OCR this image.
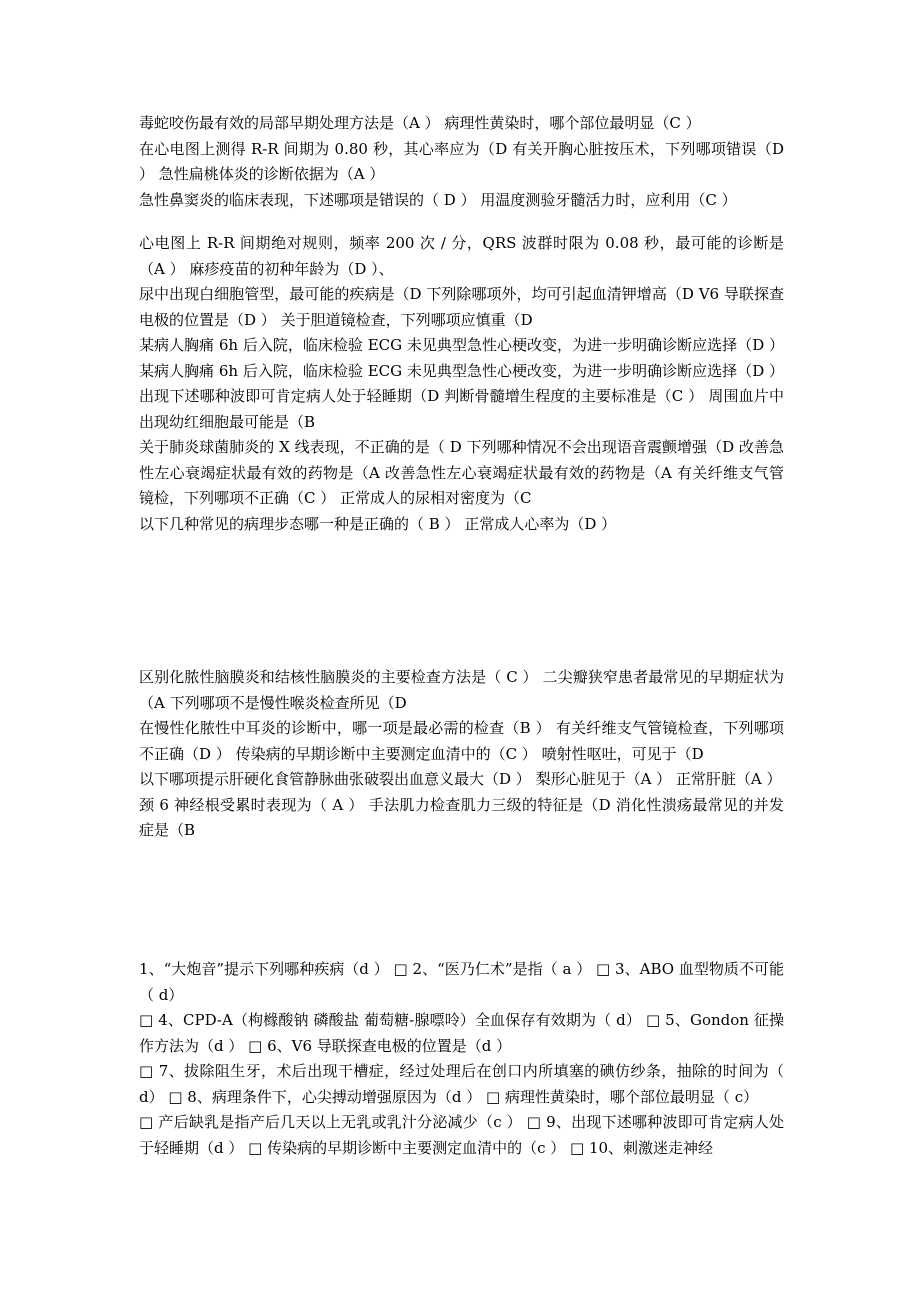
毒蛇咬伤最有效的局部早期处理方法是（A ） 病理性黄染时，哪个部位最明显（C ）

在心电图上测得 R-R 间期为 0.80 秒，其心率应为（D 有关开胸心脏按压术，下列哪项错误（D ） 急性扁桃体炎的诊断依据为（A ）

急性鼻窦炎的临床表现，下述哪项是错误的（ D ） 用温度测验牙髓活力时，应利用（C ）

心电图上 R-R 间期绝对规则，频率 200 次 / 分，QRS 波群时限为 0.08 秒，最可能的诊断是（A ） 麻疹疫苗的初种年龄为（D ）、

尿中出现白细胞管型，最可能的疾病是（D 下列除哪项外，均可引起血清钾增高（D V6 导联探查电极的位置是（D ） 关于胆道镜检查，下列哪项应慎重（D

某病人胸痛 6h 后入院，临床检验 ECG 未见典型急性心梗改变，为进一步明确诊断应选择（D ） 某病人胸痛 6h 后入院，临床检验 ECG 未见典型急性心梗改变，为进一步明确诊断应选择（D ） 出现下述哪种波即可肯定病人处于轻睡期（D 判断骨髓增生程度的主要标准是（C ） 周围血片中出现幼红细胞最可能是（B

关于肺炎球菌肺炎的 X 线表现，不正确的是（ D 下列哪种情况不会出现语音震颤增强（D 改善急性左心衰竭症状最有效的药物是（A 改善急性左心衰竭症状最有效的药物是（A 有关纤维支气管镜检，下列哪项不正确（C ） 正常成人的尿相对密度为（C

以下几种常见的病理步态哪一种是正确的（ B ） 正常成人心率为（D ）

区别化脓性脑膜炎和结核性脑膜炎的主要检查方法是（ C ） 二尖瓣狭窄患者最常见的早期症状为（A 下列哪项不是慢性喉炎检查所见（D

在慢性化脓性中耳炎的诊断中，哪一项是最必需的检查（B ） 有关纤维支气管镜检查，下列哪项不正确（D ） 传染病的早期诊断中主要测定血清中的（C ） 喷射性呕吐，可见于（D

以下哪项提示肝硬化食管静脉曲张破裂出血意义最大（D ） 梨形心脏见于（A ） 正常肝脏（A ）

颈 6 神经根受累时表现为（ A ） 手法肌力检查肌力三级的特征是（D 消化性溃疡最常见的并发症是（B

1、“大炮音”提示下列哪种疾病（d ） □ 2、“医乃仁术”是指（ a ） □ 3、ABO 血型物质不可能（ d）

□ 4、CPD-A（枸橼酸钠 磷酸盐 葡萄糖-腺嘌呤）全血保存有效期为（ d） □ 5、Gondon 征操作方法为（d ） □ 6、V6 导联探查电极的位置是（d ）

□ 7、拔除阻生牙，术后出现干槽症，经过处理后在创口内所填塞的碘仿纱条，抽除的时间为（ d） □ 8、病理条件下，心尖搏动增强原因为（d ） □ 病理性黄染时，哪个部位最明显（ c）

□ 产后缺乳是指产后几天以上无乳或乳汁分泌减少（c ） □ 9、出现下述哪种波即可肯定病人处于轻睡期（d ） □ 传染病的早期诊断中主要测定血清中的（c ） □ 10、刺激迷走神经
